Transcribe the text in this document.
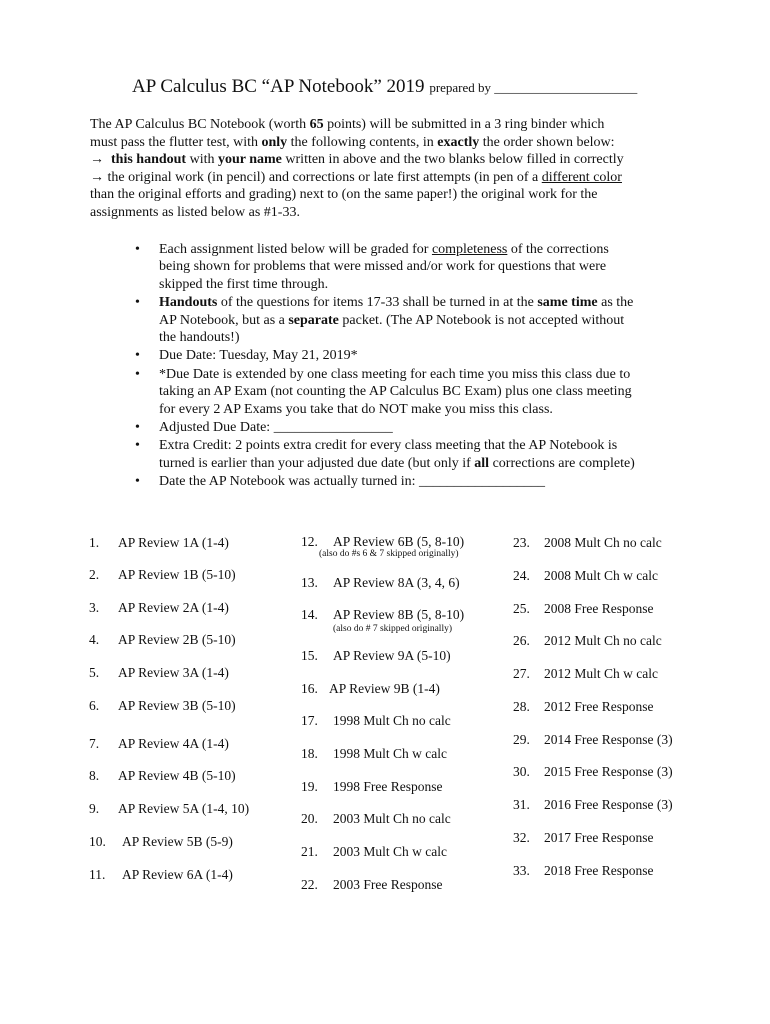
AP Calculus BC “AP Notebook” 2019 prepared by ______________________
The AP Calculus BC Notebook (worth 65 points) will be submitted in a 3 ring binder which
must pass the flutter test, with only the following contents, in exactly the order shown below:
→ this handout with your name written in above and the two blanks below filled in correctly
→ the original work (in pencil) and corrections or late first attempts (in pen of a different color
than the original efforts and grading) next to (on the same paper!) the original work for the
assignments as listed below as #1-33.
• Each assignment listed below will be graded for completeness of the corrections
being shown for problems that were missed and/or work for questions that were
skipped the first time through.
• Handouts of the questions for items 17-33 shall be turned in at the same time as the
AP Notebook, but as a separate packet. (The AP Notebook is not accepted without
the handouts!)
• Due Date: Tuesday, May 21, 2019*
• *Due Date is extended by one class meeting for each time you miss this class due to
taking an AP Exam (not counting the AP Calculus BC Exam) plus one class meeting
for every 2 AP Exams you take that do NOT make you miss this class.
• Adjusted Due Date: _________________
• Extra Credit: 2 points extra credit for every class meeting that the AP Notebook is
turned is earlier than your adjusted due date (but only if all corrections are complete)
• Date the AP Notebook was actually turned in: __________________
1. AP Review 1A (1-4)
2. AP Review 1B (5-10)
3. AP Review 2A (1-4)
4. AP Review 2B (5-10)
5. AP Review 3A (1-4)
6. AP Review 3B (5-10)
7. AP Review 4A (1-4)
8. AP Review 4B (5-10)
9. AP Review 5A (1-4, 10)
10. AP Review 5B (5-9)
11. AP Review 6A (1-4)
12. AP Review 6B (5, 8-10)
13. AP Review 8A (3, 4, 6)
14. AP Review 8B (5, 8-10)
15. AP Review 9A (5-10)
16. AP Review 9B (1-4)
17. 1998 Mult Ch no calc
18. 1998 Mult Ch w calc
19. 1998 Free Response
20. 2003 Mult Ch no calc
21. 2003 Mult Ch w calc
22. 2003 Free Response
23. 2008 Mult Ch no calc
24. 2008 Mult Ch w calc
25. 2008 Free Response
26. 2012 Mult Ch no calc
27. 2012 Mult Ch w calc
28. 2012 Free Response
29. 2014 Free Response (3)
30. 2015 Free Response (3)
31. 2016 Free Response (3)
32. 2017 Free Response
33. 2018 Free Response
(also do #s 6 & 7 skipped originally)
(also do # 7 skipped originally)
